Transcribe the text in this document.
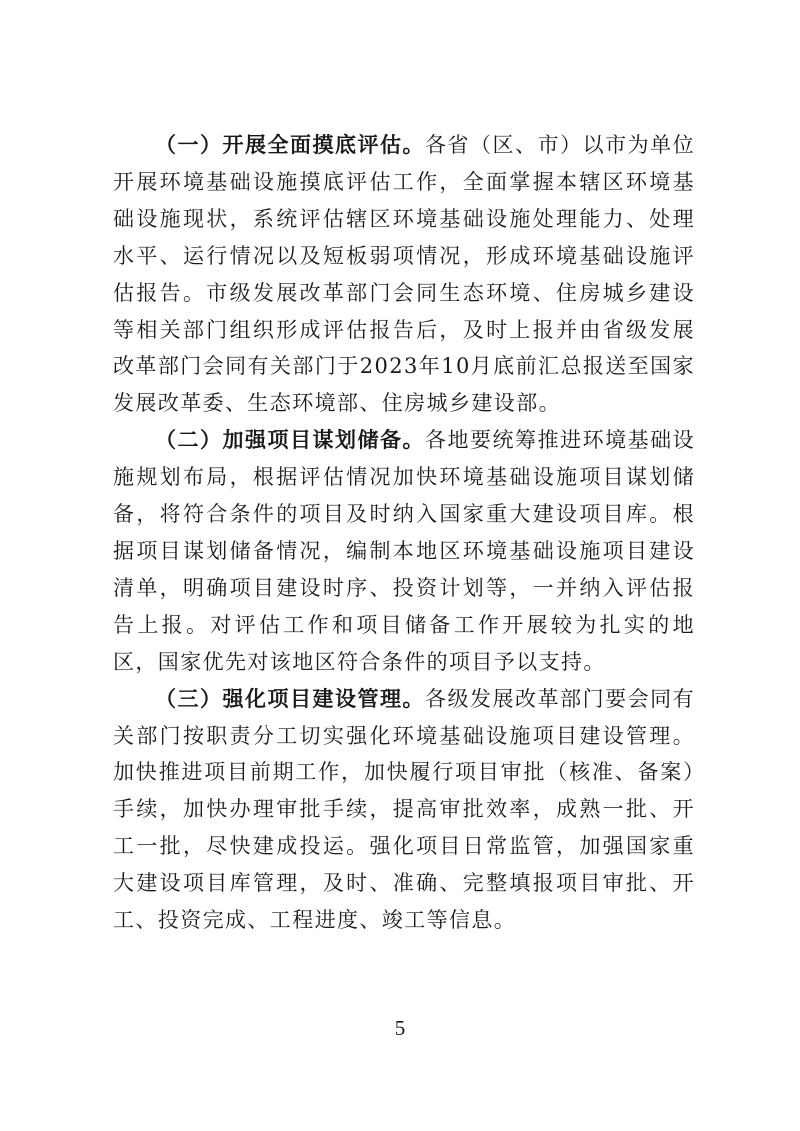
（一）开展全面摸底评估。各省（区、市）以市为单位开展环境基础设施摸底评估工作，全面掌握本辖区环境基础设施现状，系统评估辖区环境基础设施处理能力、处理水平、运行情况以及短板弱项情况，形成环境基础设施评估报告。市级发展改革部门会同生态环境、住房城乡建设等相关部门组织形成评估报告后，及时上报并由省级发展改革部门会同有关部门于2023年10月底前汇总报送至国家发展改革委、生态环境部、住房城乡建设部。

（二）加强项目谋划储备。各地要统筹推进环境基础设施规划布局，根据评估情况加快环境基础设施项目谋划储备，将符合条件的项目及时纳入国家重大建设项目库。根据项目谋划储备情况，编制本地区环境基础设施项目建设清单，明确项目建设时序、投资计划等，一并纳入评估报告上报。对评估工作和项目储备工作开展较为扎实的地区，国家优先对该地区符合条件的项目予以支持。

（三）强化项目建设管理。各级发展改革部门要会同有关部门按职责分工切实强化环境基础设施项目建设管理。加快推进项目前期工作，加快履行项目审批（核准、备案）手续，加快办理审批手续，提高审批效率，成熟一批、开工一批，尽快建成投运。强化项目日常监管，加强国家重大建设项目库管理，及时、准确、完整填报项目审批、开工、投资完成、工程进度、竣工等信息。

5
